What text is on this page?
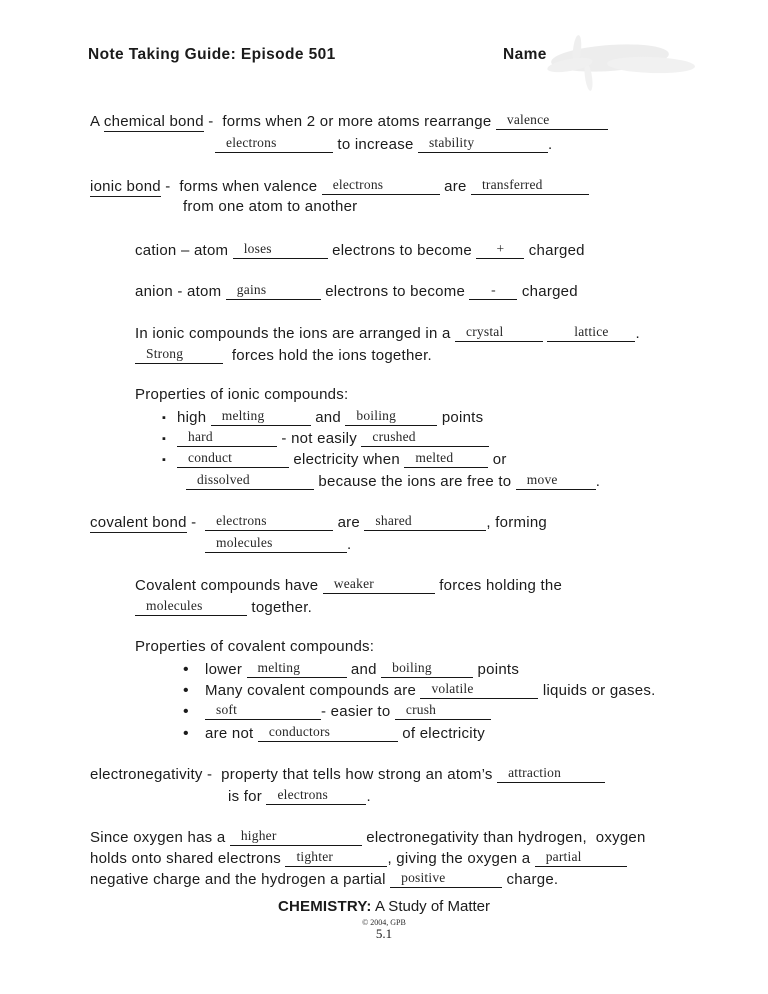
Note Taking Guide: Episode 501	Name
A chemical bond -  forms when 2 or more atoms rearrange valence
electrons	to increase stability	.
ionic bond -  forms when valence electrons	are transferred
from one atom to another
cation – atom loses	electrons to become + charged
anion - atom gains	electrons to become - charged
In ionic compounds the ions are arranged in a crystal	lattice .
Strong	forces hold the ions together.
Properties of ionic compounds:
▪ high melting	and boiling	points
▪ hard	- not easily crushed
▪ conduct	electricity when melted or
dissolved	because the ions are free to move	.
covalent bond -  electrons	are shared	, forming
molecules	.
Covalent compounds have weaker	forces holding the
molecules	together.
Properties of covalent compounds:
• lower melting	and boiling	points
• Many covalent compounds are volatile	liquids or gases.
• soft	- easier to crush
• are not conductors	of electricity
electronegativity -  property that tells how strong an atom’s attraction
is for electrons	.
Since oxygen has a higher	electronegativity than hydrogen,  oxygen
holds onto shared electrons tighter	, giving the oxygen a partial
negative charge and the hydrogen a partial positive	charge.
CHEMISTRY: A Study of Matter
© 2004, GPB
5.1
